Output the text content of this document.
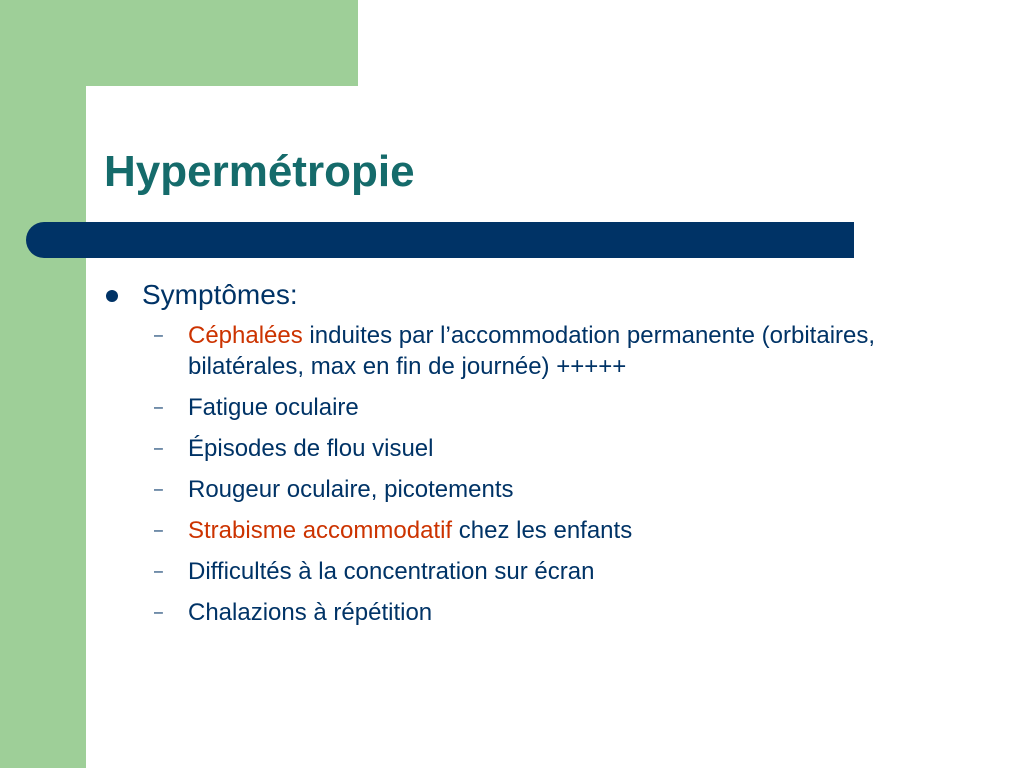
Hypermétropie
Symptômes:
–	Céphalées induites par l’accommodation permanente (orbitaires, bilatérales, max en fin de journée) +++++
–	Fatigue oculaire
–	Épisodes de flou visuel
–	Rougeur oculaire, picotements
–	Strabisme accommodatif chez les enfants
–	Difficultés à la concentration sur écran
–	Chalazions à répétition
